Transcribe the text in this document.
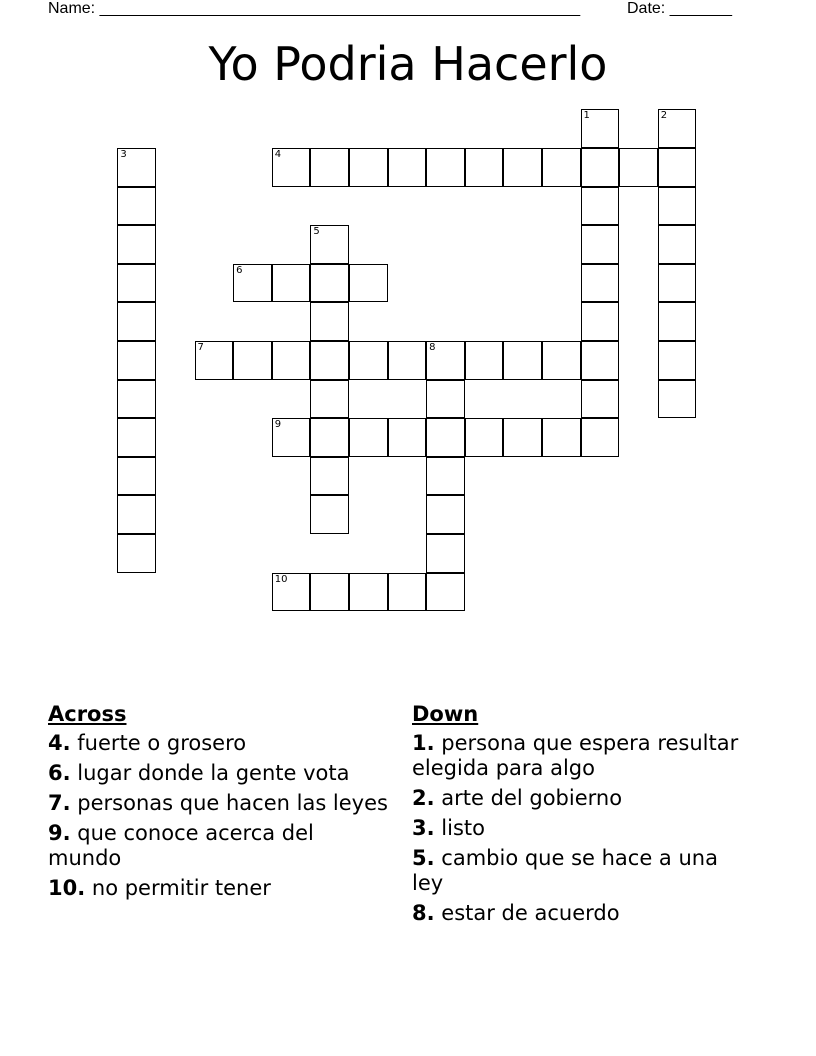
Name: ______________________________________________________	Date: _______
Yo Podria Hacerlo
1	2
3	4
5
6
7	8
9
10
Across
4. fuerte o grosero
6. lugar donde la gente vota
7. personas que hacen las leyes
9. que conoce acerca del mundo
10. no permitir tener
Down
1. persona que espera resultar elegida para algo
2. arte del gobierno
3. listo
5. cambio que se hace a una ley
8. estar de acuerdo
